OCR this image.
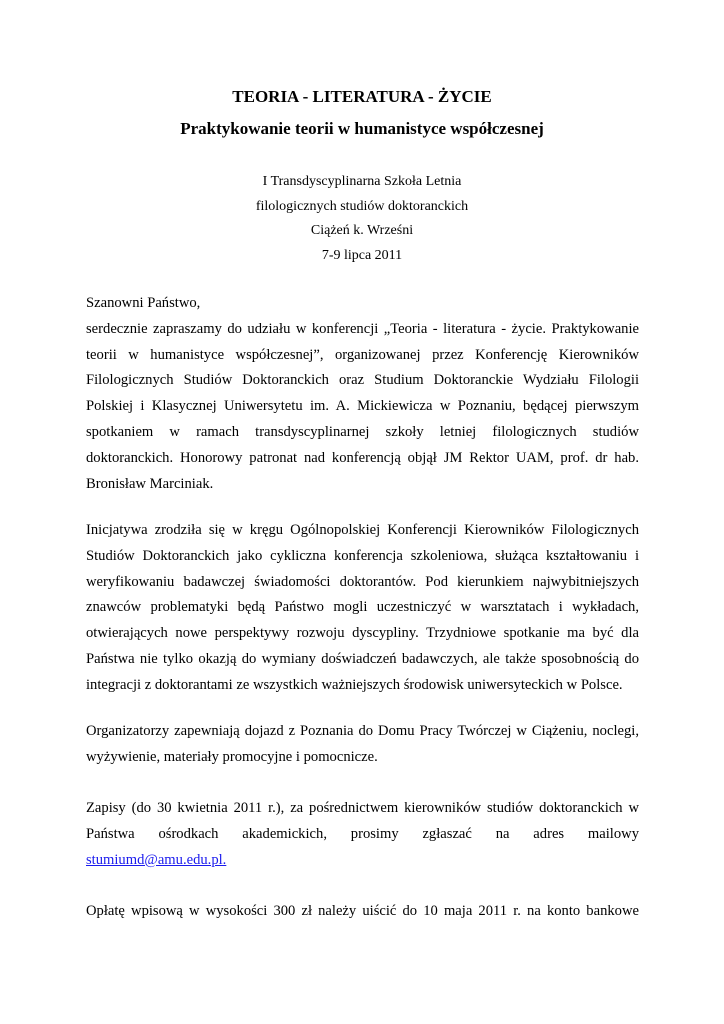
TEORIA - LITERATURA - ŻYCIE
Praktykowanie teorii w humanistyce współczesnej
I Transdyscyplinarna Szkoła Letnia
filologicznych studiów doktoranckich
Ciążeń k. Wrześni
7-9 lipca 2011
Szanowni Państwo,
serdecznie zapraszamy do udziału w konferencji „Teoria - literatura - życie. Praktykowanie
teorii w humanistyce współczesnej”, organizowanej przez Konferencję Kierowników
Filologicznych Studiów Doktoranckich oraz Studium Doktoranckie Wydziału Filologii
Polskiej i Klasycznej Uniwersytetu im. A. Mickiewicza w Poznaniu, będącej pierwszym
spotkaniem w ramach transdyscyplinarnej szkoły letniej filologicznych studiów
doktoranckich. Honorowy patronat nad konferencją objął JM Rektor UAM, prof. dr hab.
Bronisław Marciniak.
Inicjatywa zrodziła się w kręgu Ogólnopolskiej Konferencji Kierowników Filologicznych
Studiów Doktoranckich jako cykliczna konferencja szkoleniowa, służąca kształtowaniu i
weryfikowaniu badawczej świadomości doktorantów. Pod kierunkiem najwybitniejszych
znawców problematyki będą Państwo mogli uczestniczyć w warsztatach i wykładach,
otwierających nowe perspektywy rozwoju dyscypliny. Trzydniowe spotkanie ma być dla
Państwa nie tylko okazją do wymiany doświadczeń badawczych, ale także sposobnością do
integracji z doktorantami ze wszystkich ważniejszych środowisk uniwersyteckich w Polsce.
Organizatorzy zapewniają dojazd z Poznania do Domu Pracy Twórczej w Ciążeniu, noclegi,
wyżywienie, materiały promocyjne i pomocnicze.
Zapisy (do 30 kwietnia 2011 r.), za pośrednictwem kierowników studiów doktoranckich w
Państwa ośrodkach akademickich, prosimy zgłaszać na adres mailowy
stumiumd@amu.edu.pl.
Opłatę wpisową w wysokości 300 zł należy uiścić do 10 maja 2011 r. na konto bankowe
